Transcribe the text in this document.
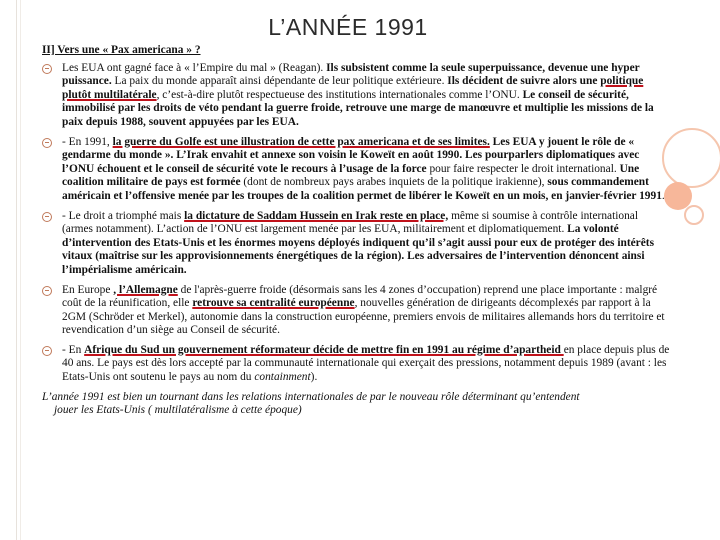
L’ANNÉE 1991
II] Vers une « Pax americana » ?
Les EUA ont gagné face à « l’Empire du mal » (Reagan). Ils subsistent comme la seule superpuissance, devenue une hyper puissance. La paix du monde apparaît ainsi dépendante de leur politique extérieure. Ils décident de suivre alors une politique plutôt multilatérale, c’est-à-dire plutôt respectueuse des institutions internationales comme l’ONU. Le conseil de sécurité, immobilisé par les droits de véto pendant la guerre froide, retrouve une marge de manœuvre et multiplie les missions de la paix depuis 1988, souvent appuyées par les EUA.
- En 1991, la guerre du Golfe est une illustration de cette pax americana et de ses limites. Les EUA y jouent le rôle de « gendarme du monde ». L’Irak envahit et annexe son voisin le Koweït en août 1990. Les pourparlers diplomatiques avec l’ONU échouent et le conseil de sécurité vote le recours à l’usage de la force pour faire respecter le droit international. Une coalition militaire de pays est formée (dont de nombreux pays arabes inquiets de la politique irakienne), sous commandement américain et l’offensive menée par les troupes de la coalition permet de libérer le Koweït en un mois, en janvier-février 1991.
- Le droit a triomphé mais la dictature de Saddam Hussein en Irak reste en place, même si soumise à contrôle international (armes notamment). L’action de l’ONU est largement menée par les EUA, militairement et diplomatiquement. La volonté d’intervention des Etats-Unis et les énormes moyens déployés indiquent qu’il s’agit aussi pour eux de protéger des intérêts vitaux (maîtrise sur les approvisionnements énergétiques de la région). Les adversaires de l’intervention dénoncent ainsi l’impérialisme américain.
En Europe , l’Allemagne de l'après-guerre froide (désormais sans les 4 zones d’occupation) reprend une place importante : malgré coût de la réunification, elle retrouve sa centralité européenne, nouvelles génération de dirigeants décomplexés par rapport à la 2GM (Schröder et Merkel), autonomie dans la construction européenne, premiers envois de militaires allemands hors du territoire et revendication d’un siège au Conseil de sécurité.
- En Afrique du Sud un gouvernement réformateur décide de mettre fin en 1991 au régime d’apartheid en place depuis plus de 40 ans. Le pays est dès lors accepté par la communauté internationale qui exerçait des pressions, notamment depuis 1989 (avant : les Etats-Unis ont soutenu le pays au nom du containment).
L’année 1991 est bien un tournant dans les relations internationales de par le nouveau rôle déterminant qu’entendent
jouer les Etats-Unis ( multilatéralisme à cette époque)
